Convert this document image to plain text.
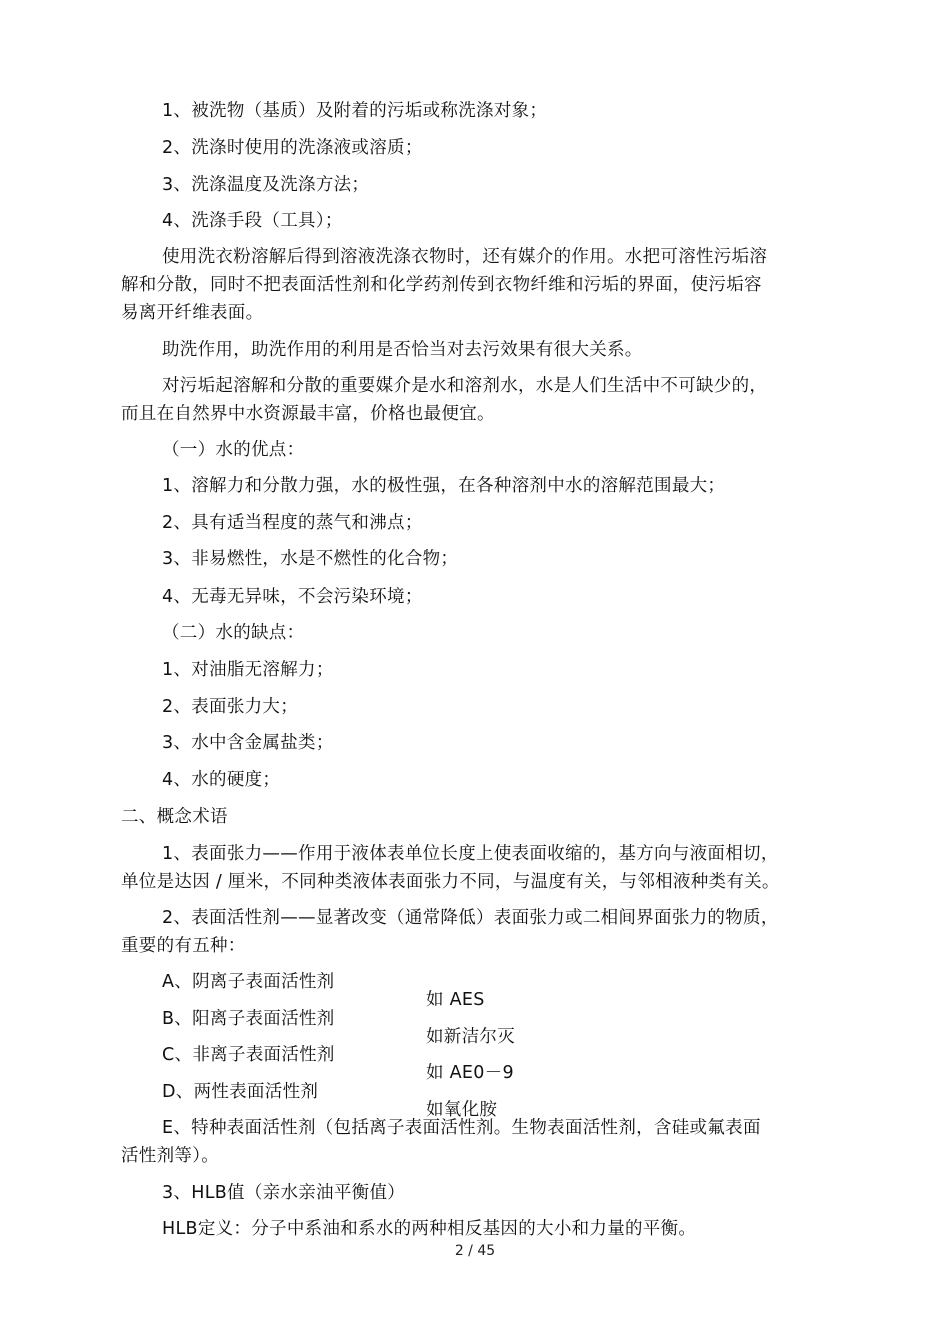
1、被洗物（基质）及附着的污垢或称洗涤对象；

2、洗涤时使用的洗涤液或溶质；

3、洗涤温度及洗涤方法；

4、洗涤手段（工具）；

使用洗衣粉溶解后得到溶液洗涤衣物时，还有媒介的作用。水把可溶性污垢溶

解和分散，同时不把表面活性剂和化学药剂传到衣物纤维和污垢的界面，使污垢容

易离开纤维表面。

助洗作用，助洗作用的利用是否恰当对去污效果有很大关系。

对污垢起溶解和分散的重要媒介是水和溶剂水，水是人们生活中不可缺少的，

而且在自然界中水资源最丰富，价格也最便宜。

（一）水的优点：

1、溶解力和分散力强，水的极性强，在各种溶剂中水的溶解范围最大；

2、具有适当程度的蒸气和沸点；

3、非易燃性，水是不燃性的化合物；

4、无毒无异味，不会污染环境；

（二）水的缺点：

1、对油脂无溶解力；

2、表面张力大；

3、水中含金属盐类；

4、水的硬度；

二、概念术语

1、表面张力——作用于液体表单位长度上使表面收缩的，基方向与液面相切，

单位是达因 / 厘米，不同种类液体表面张力不同，与温度有关，与邻相液种类有关。

2、表面活性剂——显著改变（通常降低）表面张力或二相间界面张力的物质，

重要的有五种：

A、阴离子表面活性剂

如 AES

B、阳离子表面活性剂

如新洁尔灭

C、非离子表面活性剂

如 AE0－9

D、两性表面活性剂

如氧化胺

E、特种表面活性剂（包括离子表面活性剂。生物表面活性剂，含硅或氟表面

活性剂等）。

3、HLB值（亲水亲油平衡值）

HLB定义：分子中系油和系水的两种相反基因的大小和力量的平衡。

2 / 45
